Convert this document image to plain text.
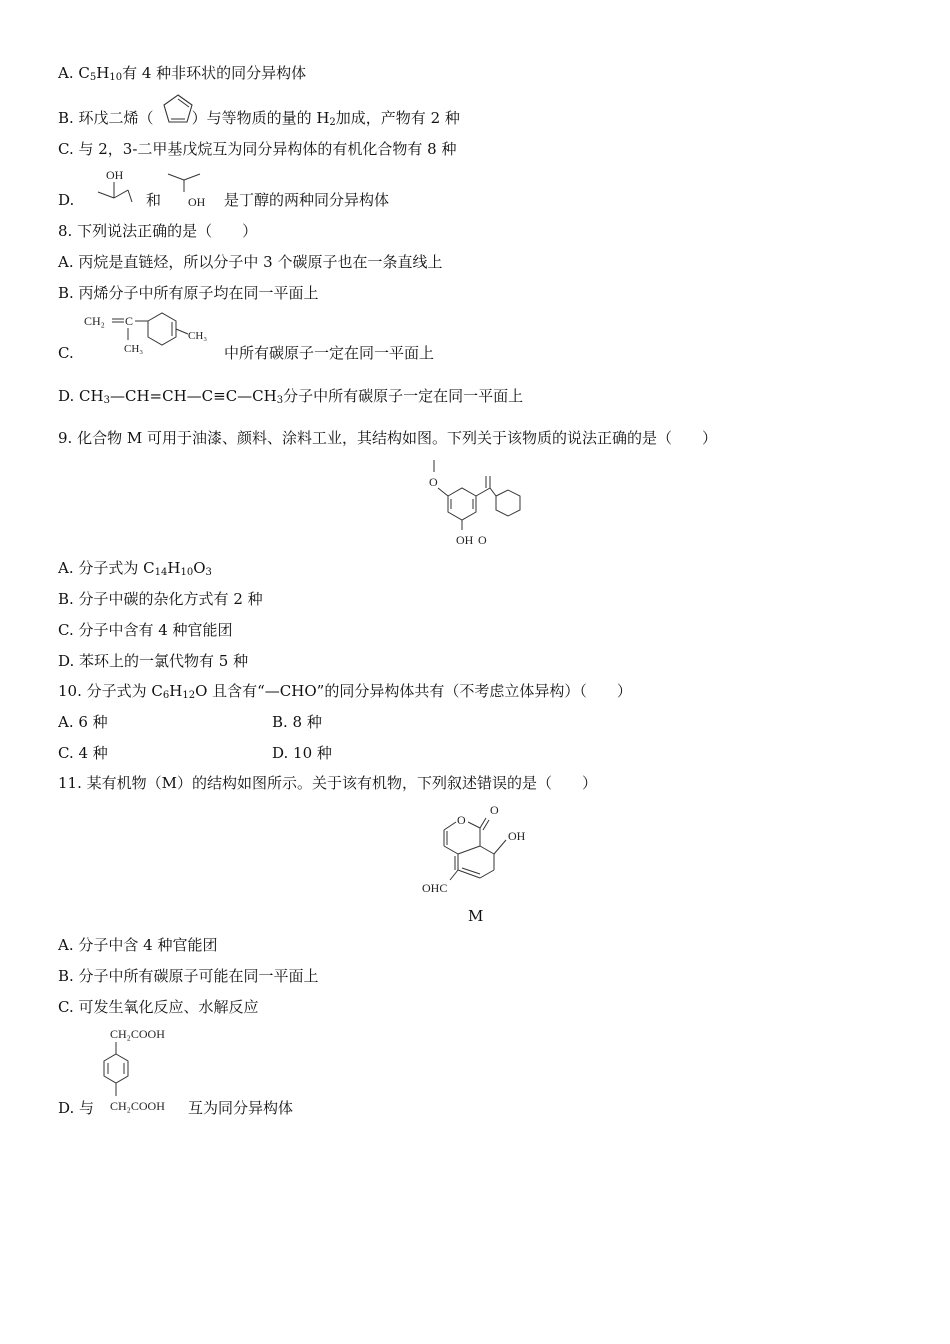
A. $C_5H_{10}$有 4 种非环状的同分异构体
B. 环戊二烯（	）与等物质的量的 $H_2$加成，产物有 2 种
C. 与 2，3-二甲基戊烷互为同分异构体的有机化合物有 8 种
D.
OH
和 OH 是丁醇的两种同分异构体
8. 下列说法正确的是（　　）
A. 丙烷是直链烃，所以分子中 3 个碳原子也在一条直线上
B. 丙烯分子中所有原子均在同一平面上
C.
CH₂ C
CH₃
CH₃
中所有碳原子一定在同一平面上
D. $CH_3—CH=CH—C\equiv C—CH_3$分子中所有碳原子一定在同一平面上
9. 化合物 M 可用于油漆、颜料、涂料工业，其结构如图。下列关于该物质的说法正确的是（　　）
O
OH O
A. 分子式为 $C_{14}H_{10}O_3$
B. 分子中碳的杂化方式有 2 种
C. 分子中含有 4 种官能团
D. 苯环上的一氯代物有 5 种
10. 分子式为 $C_6H_{12}O$ 且含有“—CHO”的同分异构体共有（不考虑立体异构）（　　）
A. 6 种	B. 8 种
C. 4 种	D. 10 种
11. 某有机物（M）的结构如图所示。关于该有机物，下列叙述错误的是（　　）
O
O
OH
OHC
M
A. 分子中含 4 种官能团
B. 分子中所有碳原子可能在同一平面上
C. 可发生氧化反应、水解反应
D. 与
CH₂COOH
CH₂COOH 互为同分异构体
